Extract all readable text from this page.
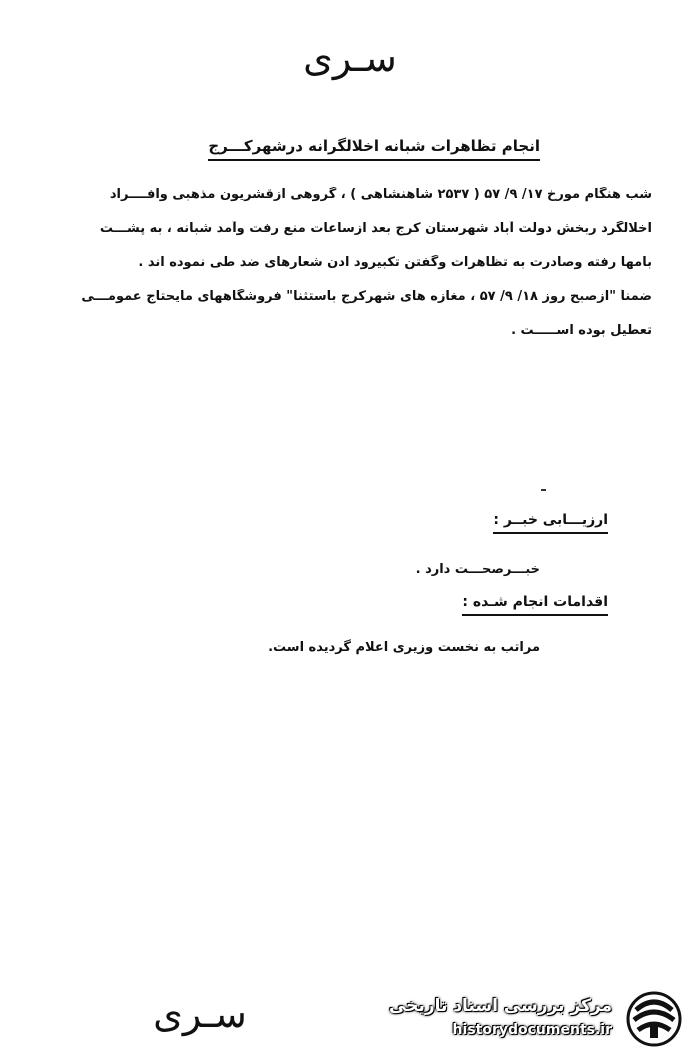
سـری
انجام تظاهرات شبانه اخلالگرانه درشهرکـــرج
شب هنگام مورخ ۱۷/ ۹/ ۵۷ ( ۲۵۳۷ شاهنشاهی ) ، گروهی ازقشریون مذهبی وافــــراد
اخلالگرد ربخش دولت آباد شهرستان کرج بعد ازساعات منع رفت وآمد شبانه ، به پشـــت
بامها رفته وصادرت به تظاهرات وگفتن تکبیرود ادن شعارهای ضد طی نموده اند .
ضمناً "ازصبح روز ۱۸/ ۹/ ۵۷ ، مغازه های شهرکرج باستثنا" فروشگاههای مایحتاج عمومـــی
تعطیل بوده اســـــت .
ارزیـــابی خبــر :
خبـــرصحـــت دارد .
اقدامات انجام شـده :
مراتب به نخست وزیری اعلام گردیده است.
سـری	مرکز بررسی اسناد تاریخی
historydocuments.ir
